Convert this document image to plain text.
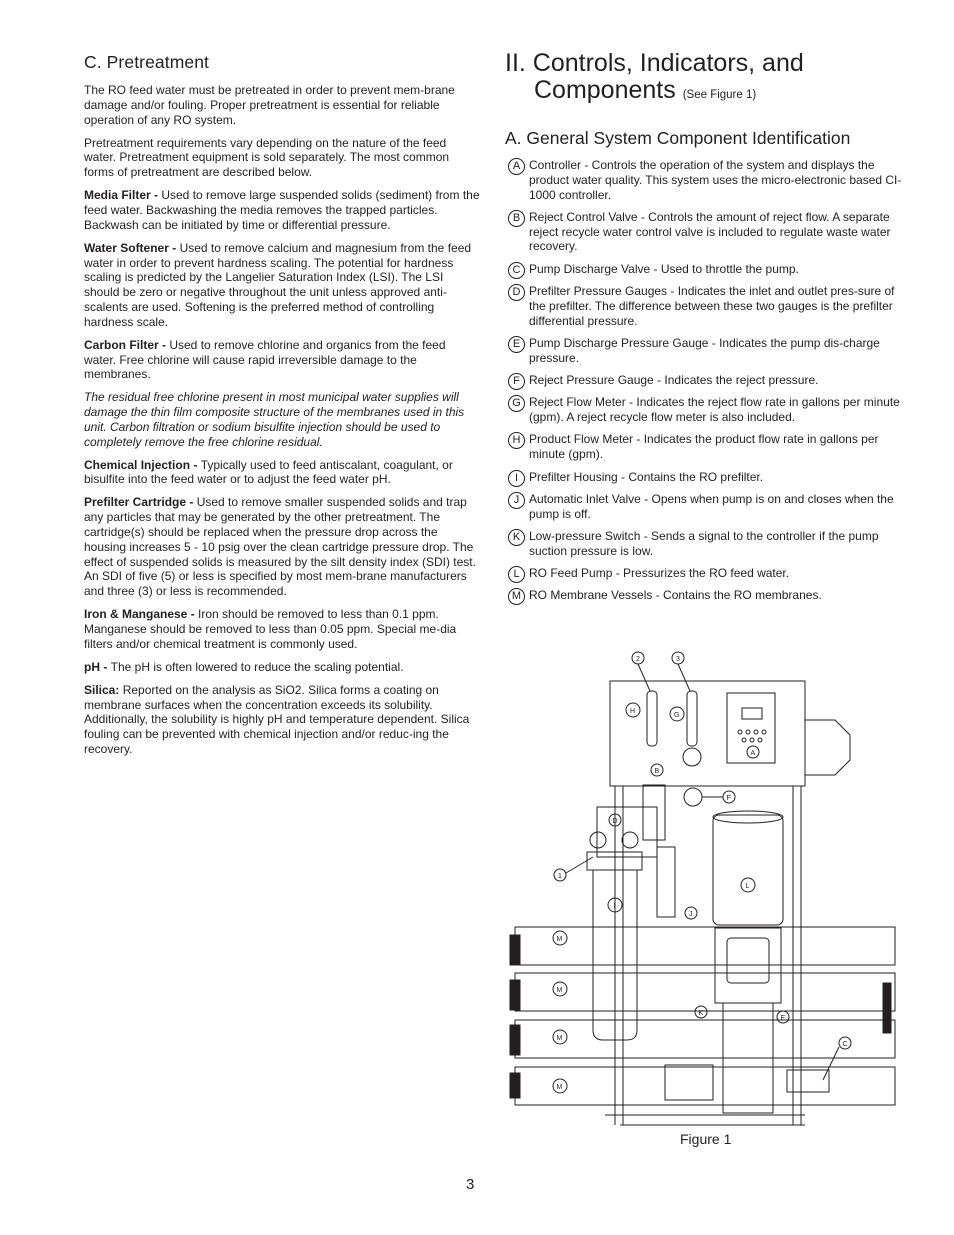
C. Pretreatment

The RO feed water must be pretreated in order to prevent mem-brane damage and/or fouling. Proper pretreatment is essential for reliable operation of any RO system.

Pretreatment requirements vary depending on the nature of the feed water. Pretreatment equipment is sold separately. The most common forms of pretreatment are described below.

Media Filter - Used to remove large suspended solids (sediment) from the feed water. Backwashing the media removes the trapped particles. Backwash can be initiated by time or differential pressure.

Water Softener - Used to remove calcium and magnesium from the feed water in order to prevent hardness scaling. The potential for hardness scaling is predicted by the Langelier Saturation Index (LSI). The LSI should be zero or negative throughout the unit unless approved anti-scalents are used. Softening is the preferred method of controlling hardness scale.

Carbon Filter - Used to remove chlorine and organics from the feed water. Free chlorine will cause rapid irreversible damage to the membranes.

The residual free chlorine present in most municipal water supplies will damage the thin film composite structure of the membranes used in this unit. Carbon filtration or sodium bisulfite injection should be used to completely remove the free chlorine residual.

Chemical Injection - Typically used to feed antiscalant, coagulant, or bisulfite into the feed water or to adjust the feed water pH.

Prefilter Cartridge - Used to remove smaller suspended solids and trap any particles that may be generated by the other pretreatment. The cartridge(s) should be replaced when the pressure drop across the housing increases 5 - 10 psig over the clean cartridge pressure drop. The effect of suspended solids is measured by the silt density index (SDI) test. An SDI of five (5) or less is specified by most mem-brane manufacturers and three (3) or less is recommended.

Iron & Manganese - Iron should be removed to less than 0.1 ppm. Manganese should be removed to less than 0.05 ppm. Special me-dia filters and/or chemical treatment is commonly used.

pH - The pH is often lowered to reduce the scaling potential.

Silica: Reported on the analysis as SiO2. Silica forms a coating on membrane surfaces when the concentration exceeds its solubility. Additionally, the solubility is highly pH and temperature dependent. Silica fouling can be prevented with chemical injection and/or reduc-ing the recovery.

II. Controls, Indicators, and
Components (See Figure 1)
A. General System Component Identification
A Controller - Controls the operation of the system and displays the product water quality. This system uses the micro-electronic based CI-1000 controller.
B Reject Control Valve - Controls the amount of reject flow. A separate reject recycle water control valve is included to regulate waste water recovery.
C Pump Discharge Valve - Used to throttle the pump.
D Prefilter Pressure Gauges - Indicates the inlet and outlet pres-sure of the prefilter. The difference between these two gauges is the prefilter differential pressure.
E Pump Discharge Pressure Gauge - Indicates the pump dis-charge pressure.
F Reject Pressure Gauge - Indicates the reject pressure.
G Reject Flow Meter - Indicates the reject flow rate in gallons per minute (gpm). A reject recycle flow meter is also included.
H Product Flow Meter - Indicates the product flow rate in gallons per minute (gpm).
I Prefilter Housing - Contains the RO prefilter.
J Automatic Inlet Valve - Opens when pump is on and closes when the pump is off.
K Low-pressure Switch - Sends a signal to the controller if the pump suction pressure is low.
L RO Feed Pump - Pressurizes the RO feed water.
M RO Membrane Vessels - Contains the RO membranes.
A
2	3
H
G
B
F
D
I
1
J
L
E
K
C
M
M
M
M
Figure 1
3
